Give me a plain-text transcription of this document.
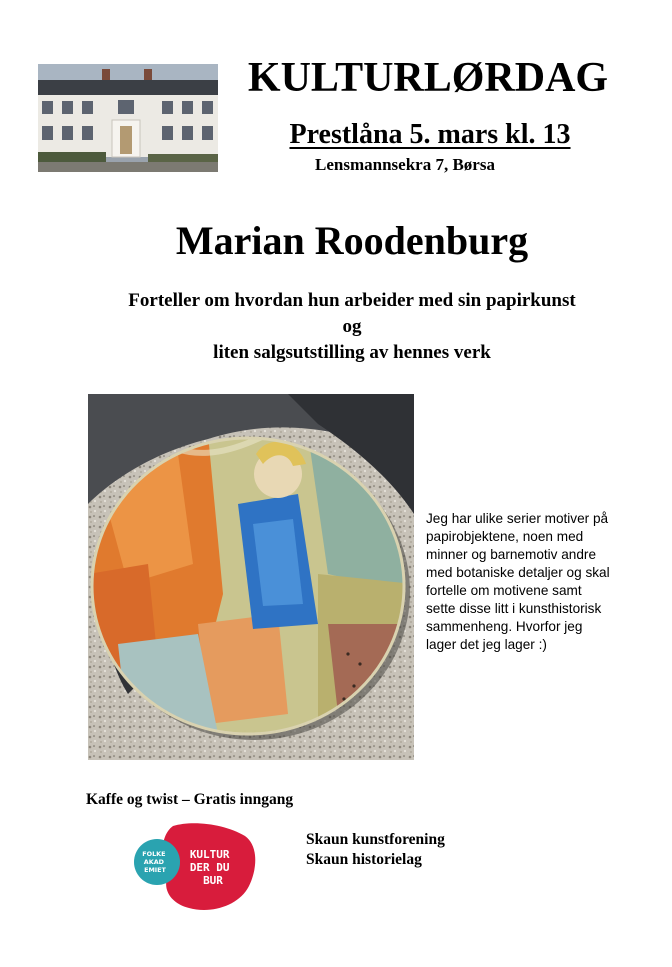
KULTURLØRDAG
Prestlåna 5. mars kl. 13
Lensmannsekra 7, Børsa
Marian Roodenburg
Forteller om hvordan hun arbeider med sin papirkunst
og
liten salgsutstilling av hennes verk
Jeg har ulike serier motiver på
papirobjektene, noen med
minner og barnemotiv andre
med botaniske detaljer og skal
fortelle om motivene samt
sette disse litt i kunsthistorisk
sammenheng. Hvorfor jeg
lager det jeg lager :)
Kaffe og twist – Gratis inngang
FOLKE AKAD EMIET
KULTUR DER DU BUR
Skaun kunstforening
Skaun historielag
